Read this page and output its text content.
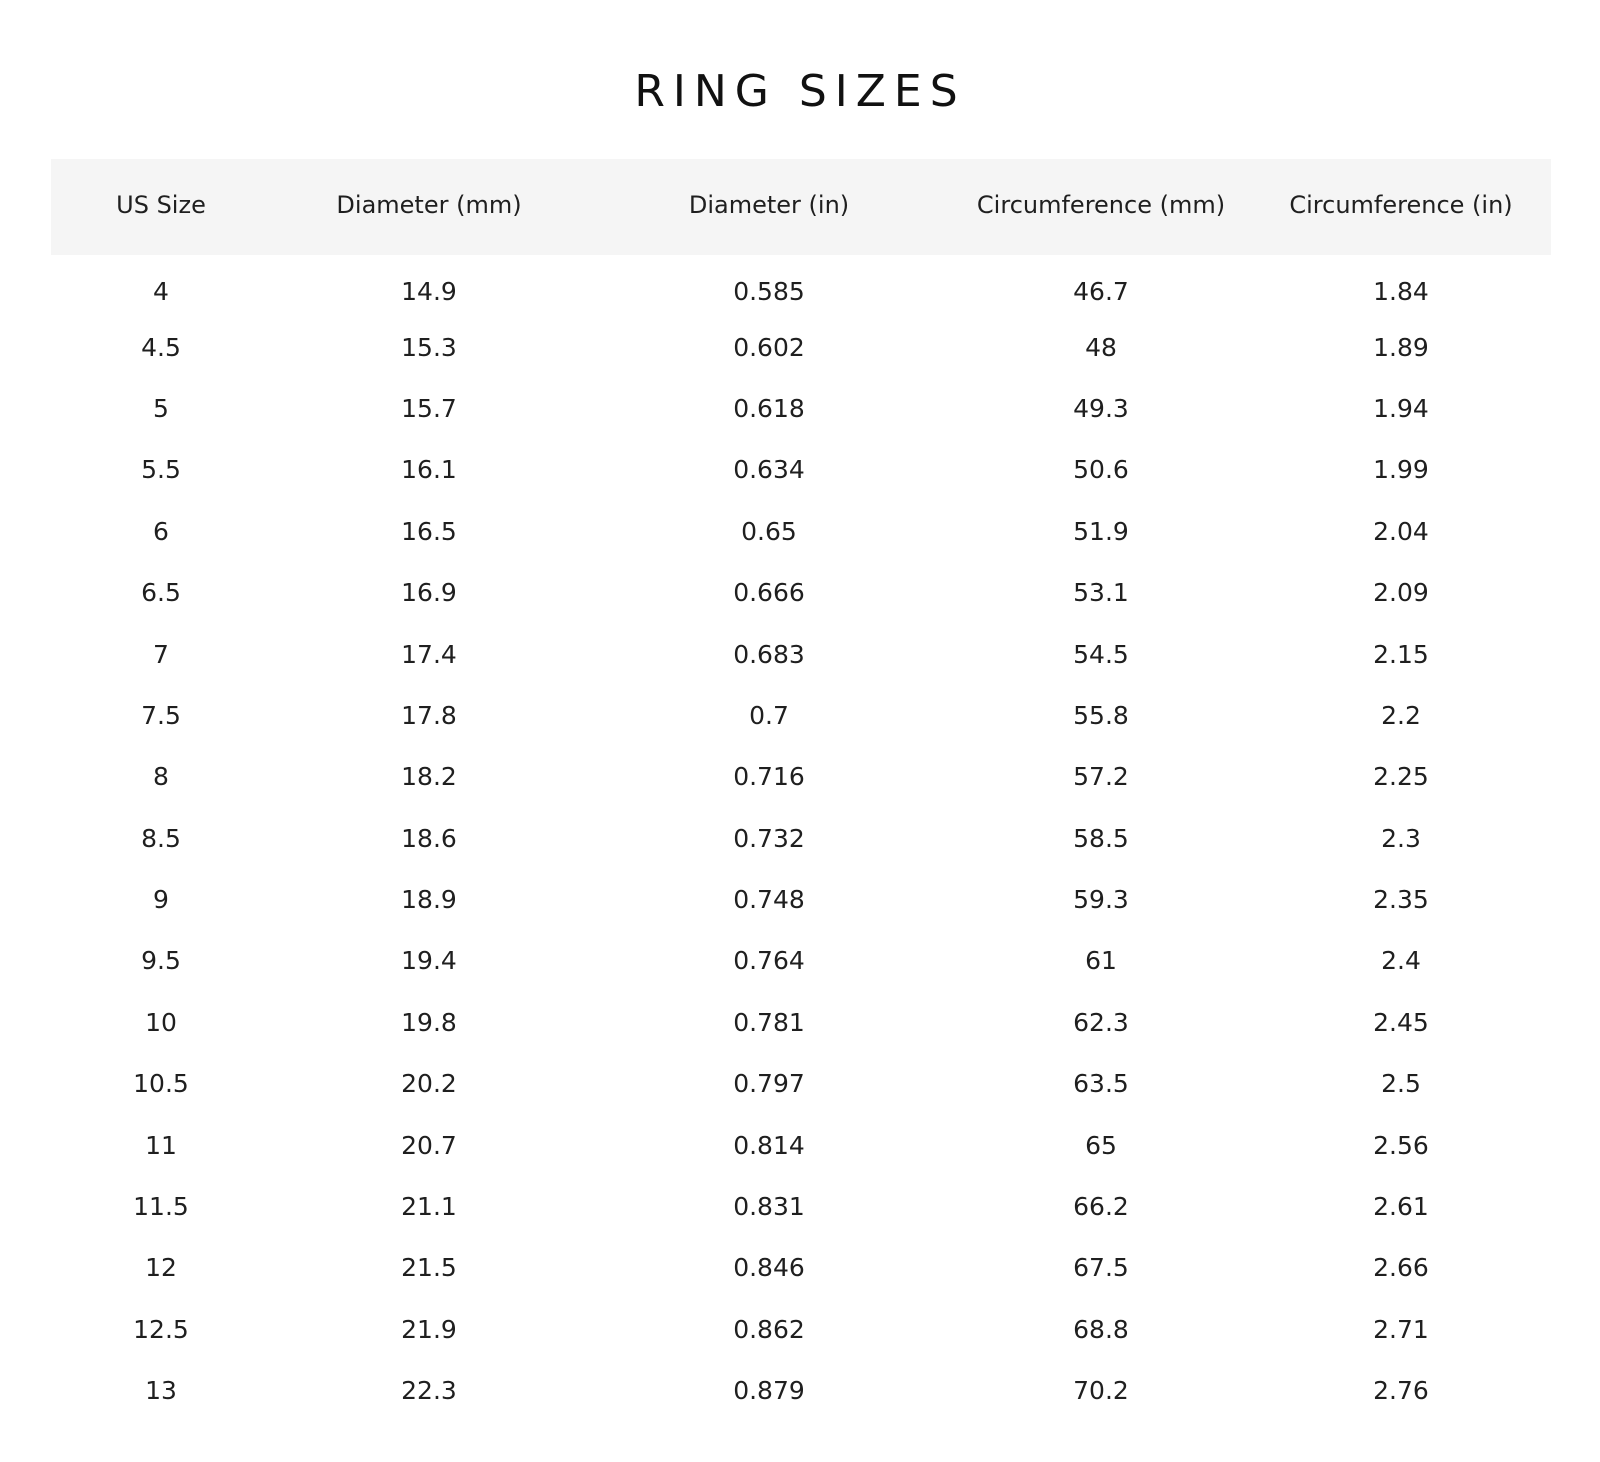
RING SIZES
US Size	Diameter (mm)	Diameter (in)	Circumference (mm)	Circumference (in)
4	14.9	0.585	46.7	1.84
4.5	15.3	0.602	48	1.89
5	15.7	0.618	49.3	1.94
5.5	16.1	0.634	50.6	1.99
6	16.5	0.65	51.9	2.04
6.5	16.9	0.666	53.1	2.09
7	17.4	0.683	54.5	2.15
7.5	17.8	0.7	55.8	2.2
8	18.2	0.716	57.2	2.25
8.5	18.6	0.732	58.5	2.3
9	18.9	0.748	59.3	2.35
9.5	19.4	0.764	61	2.4
10	19.8	0.781	62.3	2.45
10.5	20.2	0.797	63.5	2.5
11	20.7	0.814	65	2.56
11.5	21.1	0.831	66.2	2.61
12	21.5	0.846	67.5	2.66
12.5	21.9	0.862	68.8	2.71
13	22.3	0.879	70.2	2.76
